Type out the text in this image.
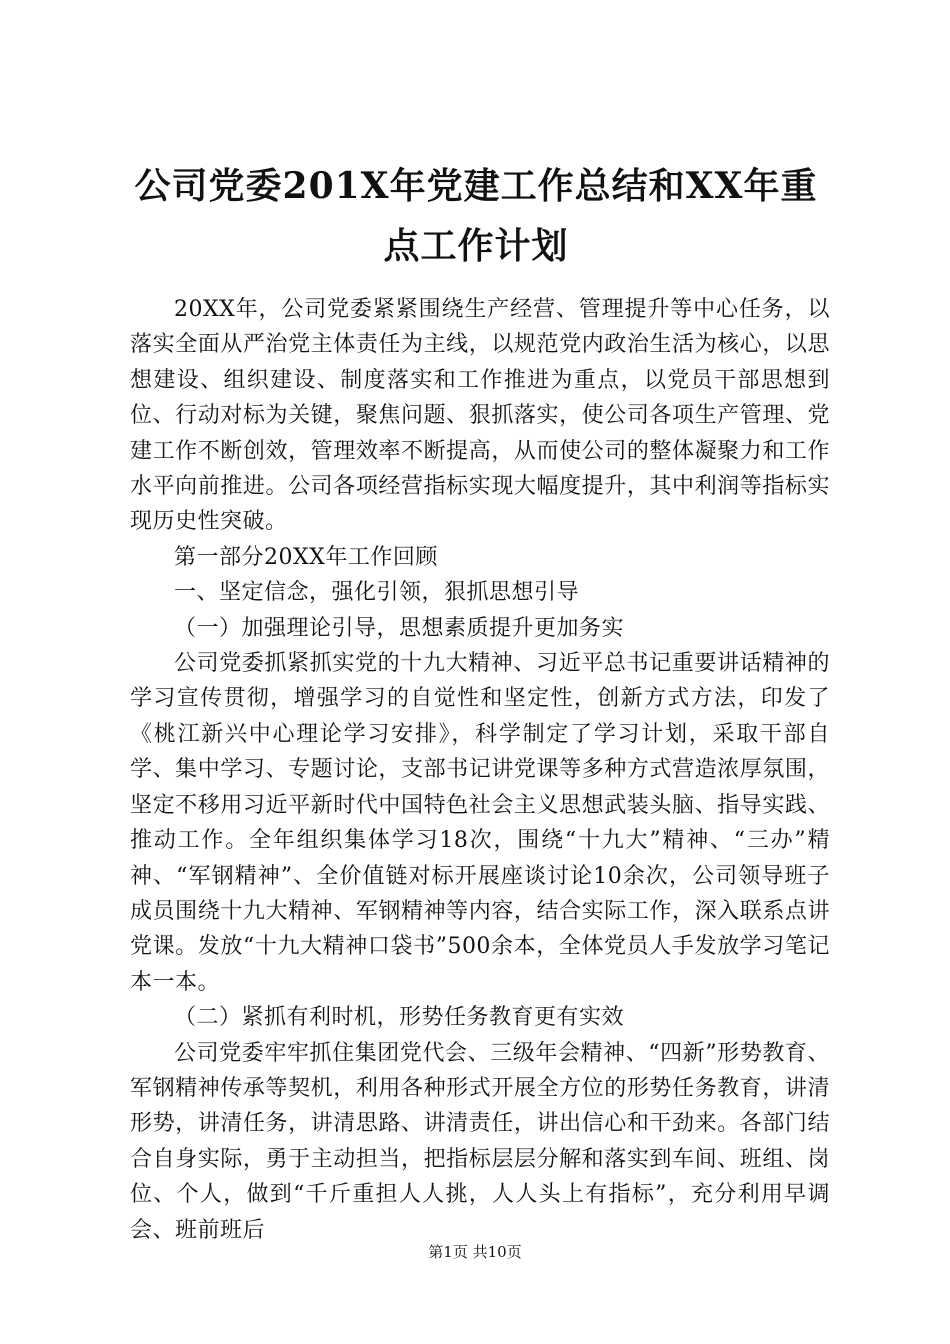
公司党委201X年党建工作总结和XX年重点工作计划

20XX年，公司党委紧紧围绕生产经营、管理提升等中心任务，以落实全面从严治党主体责任为主线，以规范党内政治生活为核心，以思想建设、组织建设、制度落实和工作推进为重点，以党员干部思想到位、行动对标为关键，聚焦问题、狠抓落实，使公司各项生产管理、党建工作不断创效，管理效率不断提高，从而使公司的整体凝聚力和工作水平向前推进。公司各项经营指标实现大幅度提升，其中利润等指标实现历史性突破。

第一部分20XX年工作回顾

一、坚定信念，强化引领，狠抓思想引导

（一）加强理论引导，思想素质提升更加务实

公司党委抓紧抓实党的十九大精神、习近平总书记重要讲话精神的学习宣传贯彻，增强学习的自觉性和坚定性，创新方式方法，印发了《桃江新兴中心理论学习安排》，科学制定了学习计划，采取干部自学、集中学习、专题讨论，支部书记讲党课等多种方式营造浓厚氛围，坚定不移用习近平新时代中国特色社会主义思想武装头脑、指导实践、推动工作。全年组织集体学习18次，围绕“十九大”精神、“三办”精神、“军钢精神”、全价值链对标开展座谈讨论10余次，公司领导班子成员围绕十九大精神、军钢精神等内容，结合实际工作，深入联系点讲党课。发放“十九大精神口袋书”500余本，全体党员人手发放学习笔记本一本。

（二）紧抓有利时机，形势任务教育更有实效

公司党委牢牢抓住集团党代会、三级年会精神、“四新”形势教育、军钢精神传承等契机，利用各种形式开展全方位的形势任务教育，讲清形势，讲清任务，讲清思路、讲清责任，讲出信心和干劲来。各部门结合自身实际，勇于主动担当，把指标层层分解和落实到车间、班组、岗位、个人，做到“千斤重担人人挑，人人头上有指标”，充分利用早调会、班前班后

第1页 共10页
